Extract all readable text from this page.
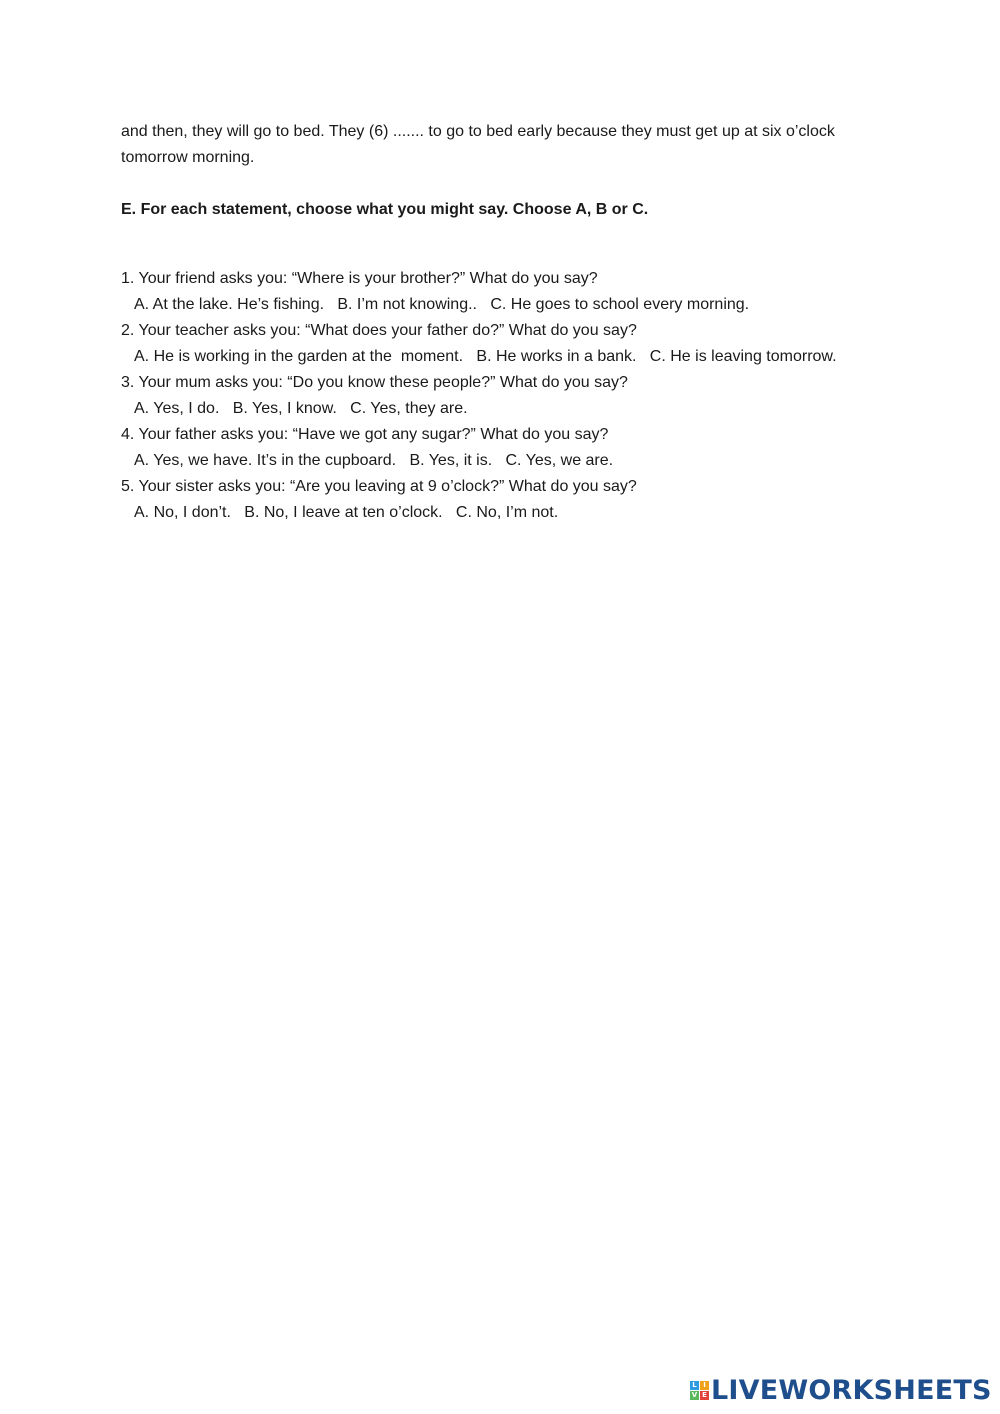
and then, they will go to bed. They (6) ....... to go to bed early because they must get up at six o’clock
tomorrow morning.
E. For each statement, choose what you might say. Choose A, B or C.
1. Your friend asks you: “Where is your brother?” What do you say?
A. At the lake. He’s fishing.   B. I’m not knowing..   C. He goes to school every morning.
2. Your teacher asks you: “What does your father do?” What do you say?
A. He is working in the garden at the  moment.   B. He works in a bank.   C. He is leaving tomorrow.
3. Your mum asks you: “Do you know these people?” What do you say?
A. Yes, I do.   B. Yes, I know.   C. Yes, they are.
4. Your father asks you: “Have we got any sugar?” What do you say?
A. Yes, we have. It’s in the cupboard.   B. Yes, it is.   C. Yes, we are.
5. Your sister asks you: “Are you leaving at 9 o’clock?” What do you say?
A. No, I don’t.   B. No, I leave at ten o’clock.   C. No, I’m not.
L I
V E LIVEWORKSHEETS
